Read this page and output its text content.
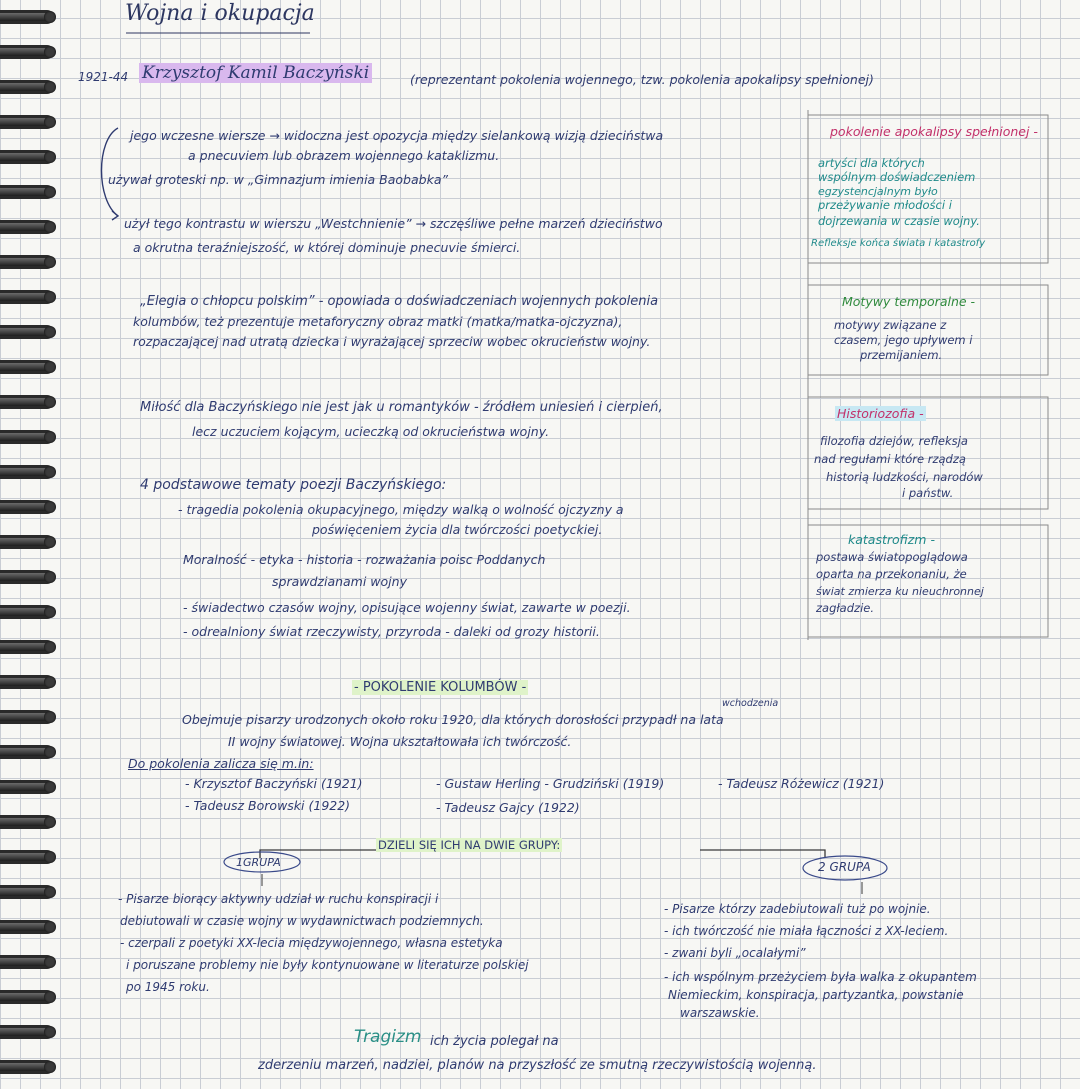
Wojna i okupacja
1921-44 Krzysztof Kamil Baczyński	(reprezentant pokolenia wojennego, tzw. pokolenia apokalipsy spełnionej)
jego wczesne wiersze → widoczna jest opozycja między sielankową wizją dzieciństwa
a pnecuviem lub obrazem wojennego kataklizmu.
używał groteski np. w „Gimnazjum imienia Baobabka”
użył tego kontrastu w wierszu „Westchnienie” → szczęśliwe pełne marzeń dzieciństwo
a okrutna teraźniejszość, w której dominuje pnecuvie śmierci.
„Elegia o chłopcu polskim” - opowiada o doświadczeniach wojennych pokolenia
kolumbów, też prezentuje metaforyczny obraz matki (matka/matka-ojczyzna),
rozpaczającej nad utratą dziecka i wyrażającej sprzeciw wobec okrucieństw wojny.
Miłość dla Baczyńskiego nie jest jak u romantyków - źródłem uniesień i cierpień,
lecz uczuciem kojącym, ucieczką od okrucieństwa wojny.
4 podstawowe tematy poezji Baczyńskiego:
- tragedia pokolenia okupacyjnego, między walką o wolność ojczyzny a
poświęceniem życia dla twórczości poetyckiej.
Moralność - etyka - historia - rozważania poisc Poddanych
sprawdzianami wojny
- świadectwo czasów wojny, opisujące wojenny świat, zawarte w poezji.
- odrealniony świat rzeczywisty, przyroda - daleki od grozy historii.
pokolenie apokalipsy spełnionej -
artyści dla których
wspólnym doświadczeniem
egzystencjalnym było
przeżywanie młodości i
dojrzewania w czasie wojny.
Refleksje końca świata i katastrofy
Motywy temporalne -
motywy związane z
czasem, jego upływem i
przemijaniem.
Historiozofia -
filozofia dziejów, refleksja
nad regułami które rządzą
historią ludzkości, narodów
i państw.
katastrofizm -
postawa światopoglądowa
oparta na przekonaniu, że
świat zmierza ku nieuchronnej
zagładzie.
- POKOLENIE KOLUMBÓW -
wchodzenia
Obejmuje pisarzy urodzonych około roku 1920, dla których dorosłości przypadł na lata
II wojny światowej. Wojna ukształtowała ich twórczość.
Do pokolenia zalicza się m.in:
- Krzysztof Baczyński (1921)	- Gustaw Herling - Grudziński (1919)	- Tadeusz Różewicz (1921)
- Tadeusz Borowski (1922)	- Tadeusz Gajcy (1922)
DZIELI SIĘ ICH NA DWIE GRUPY:
1GRUPA	2 GRUPA
- Pisarze biorący aktywny udział w ruchu konspiracji i
debiutowali w czasie wojny w wydawnictwach podziemnych.
- czerpali z poetyki XX-lecia międzywojennego, własna estetyka
i poruszane problemy nie były kontynuowane w literaturze polskiej
po 1945 roku.
- Pisarze którzy zadebiutowali tuż po wojnie.
- ich twórczość nie miała łączności z XX-leciem.
- zwani byli „ocalałymi”
- ich wspólnym przeżyciem była walka z okupantem
Niemieckim, konspiracja, partyzantka, powstanie
warszawskie.
Tragizm ich życia polegał na
zderzeniu marzeń, nadziei, planów na przyszłość ze smutną rzeczywistością wojenną.
